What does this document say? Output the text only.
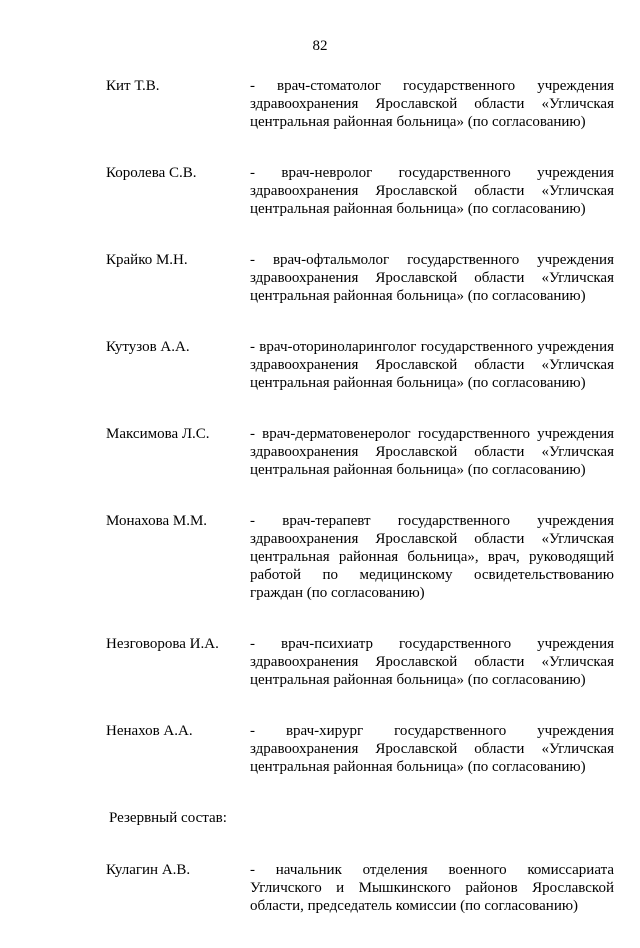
82
Кит Т.В.	- врач-стоматолог государственного учреждения здравоохранения Ярославской области «Угличская центральная районная больница» (по согласованию)
Королева С.В.	- врач-невролог государственного учреждения здравоохранения Ярославской области «Угличская центральная районная больница» (по согласованию)
Крайко М.Н.	- врач-офтальмолог государственного учреждения здравоохранения Ярославской области «Угличская центральная районная больница» (по согласованию)
Кутузов А.А.	- врач-оториноларинголог государственного учреждения здравоохранения Ярославской области «Угличская центральная районная больница» (по согласованию)
Максимова Л.С.	- врач-дерматовенеролог государственного учреждения здравоохранения Ярославской области «Угличская центральная районная больница» (по согласованию)
Монахова М.М.	- врач-терапевт государственного учреждения здравоохранения Ярославской области «Угличская центральная районная больница», врач, руководящий работой по медицинскому освидетельствованию граждан (по согласованию)
Незговорова И.А.	- врач-психиатр государственного учреждения здравоохранения Ярославской области «Угличская центральная районная больница» (по согласованию)
Ненахов А.А.	- врач-хирург государственного учреждения здравоохранения Ярославской области «Угличская центральная районная больница» (по согласованию)
Резервный состав:
Кулагин А.В.	- начальник отделения военного комиссариата Угличского и Мышкинского районов Ярославской области, председатель комиссии (по согласованию)
